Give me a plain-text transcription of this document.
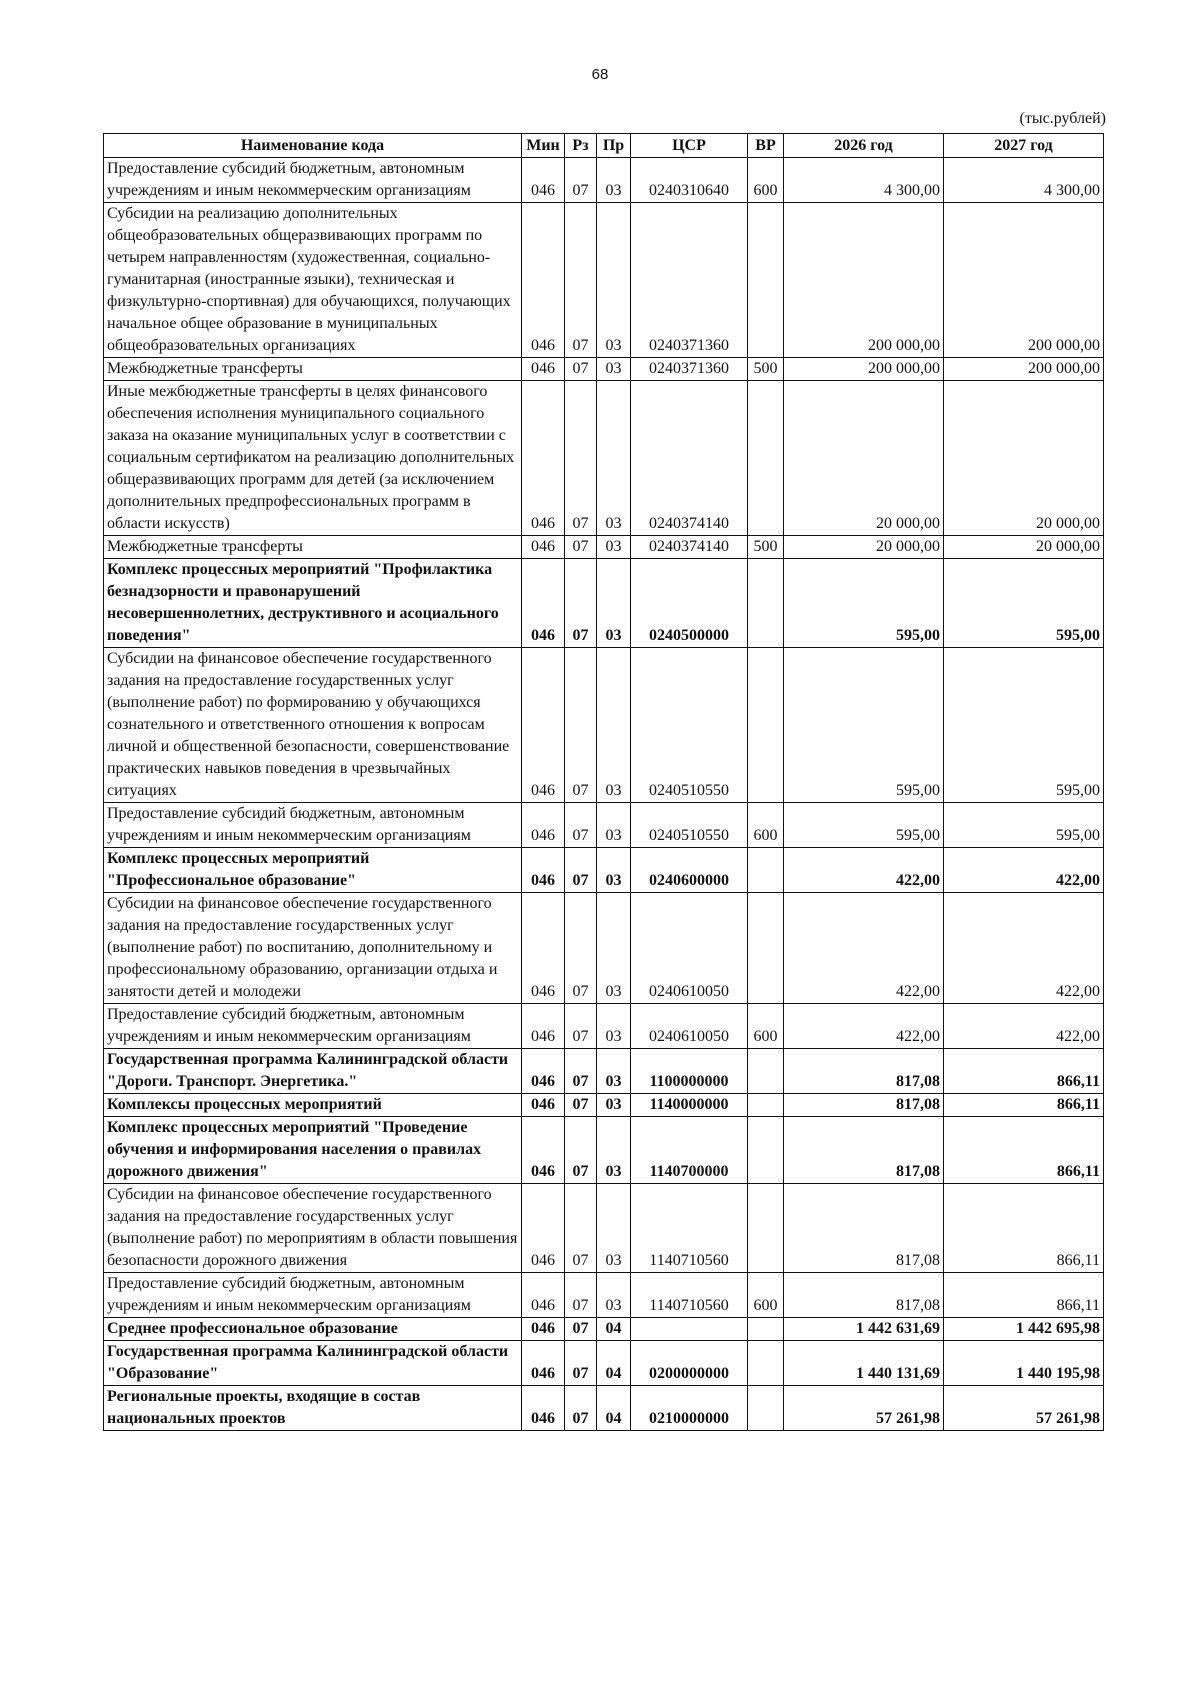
68
(тыс.рублей)
Наименование кода	Мин	Рз	Пр	ЦСР	ВР	2026 год	2027 год
Предоставление субсидий бюджетным, автономным учреждениям и иным некоммерческим организациям	046	07	03	0240310640	600	4 300,00	4 300,00
Субсидии на реализацию дополнительных общеобразовательных общеразвивающих программ по четырем направленностям (художественная, социально-гуманитарная (иностранные языки), техническая и физкультурно-спортивная) для обучающихся, получающих начальное общее образование в муниципальных общеобразовательных организациях	046	07	03	0240371360		200 000,00	200 000,00
Межбюджетные трансферты	046	07	03	0240371360	500	200 000,00	200 000,00
Иные межбюджетные трансферты в целях финансового обеспечения исполнения муниципального социального заказа на оказание муниципальных услуг в соответствии с социальным сертификатом на реализацию дополнительных общеразвивающих программ для детей (за исключением дополнительных предпрофессиональных программ в области искусств)	046	07	03	0240374140		20 000,00	20 000,00
Межбюджетные трансферты	046	07	03	0240374140	500	20 000,00	20 000,00
Комплекс процессных мероприятий "Профилактика безнадзорности и правонарушений несовершеннолетних, деструктивного и асоциального поведения"	046	07	03	0240500000		595,00	595,00
Субсидии на финансовое обеспечение государственного задания на предоставление государственных услуг (выполнение работ) по формированию у обучающихся сознательного и ответственного отношения к вопросам личной и общественной безопасности, совершенствование практических навыков поведения в чрезвычайных ситуациях	046	07	03	0240510550		595,00	595,00
Предоставление субсидий бюджетным, автономным учреждениям и иным некоммерческим организациям	046	07	03	0240510550	600	595,00	595,00
Комплекс процессных мероприятий "Профессиональное образование"	046	07	03	0240600000		422,00	422,00
Субсидии на финансовое обеспечение государственного задания на предоставление государственных услуг (выполнение работ) по воспитанию, дополнительному и профессиональному образованию, организации отдыха и занятости детей и молодежи	046	07	03	0240610050		422,00	422,00
Предоставление субсидий бюджетным, автономным учреждениям и иным некоммерческим организациям	046	07	03	0240610050	600	422,00	422,00
Государственная программа Калининградской области "Дороги. Транспорт. Энергетика."	046	07	03	1100000000		817,08	866,11
Комплексы процессных мероприятий	046	07	03	1140000000		817,08	866,11
Комплекс процессных мероприятий "Проведение обучения и информирования населения о правилах дорожного движения"	046	07	03	1140700000		817,08	866,11
Субсидии на финансовое обеспечение государственного задания на предоставление государственных услуг (выполнение работ) по мероприятиям в области повышения безопасности дорожного движения	046	07	03	1140710560		817,08	866,11
Предоставление субсидий бюджетным, автономным учреждениям и иным некоммерческим организациям	046	07	03	1140710560	600	817,08	866,11
Среднее профессиональное образование	046	07	04			1 442 631,69	1 442 695,98
Государственная программа Калининградской области "Образование"	046	07	04	0200000000		1 440 131,69	1 440 195,98
Региональные проекты, входящие в состав национальных проектов	046	07	04	0210000000		57 261,98	57 261,98
